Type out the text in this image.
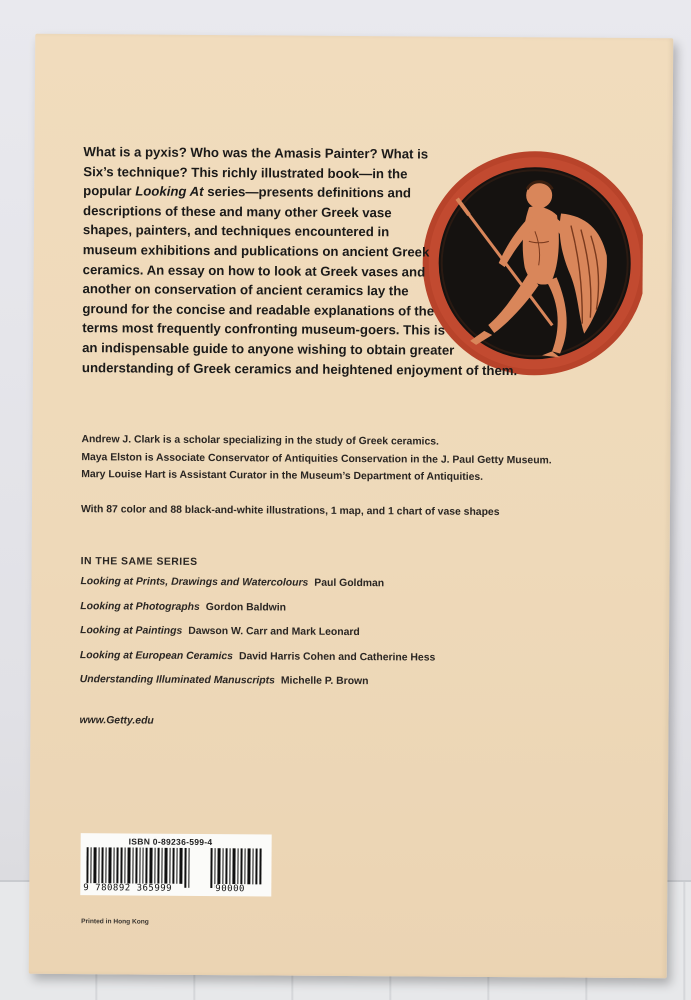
What is a pyxis? Who was the Amasis Painter? What is Six’s technique? This richly illustrated book—in the popular Looking At series—presents definitions and descriptions of these and many other Greek vase shapes, painters, and techniques encountered in museum exhibitions and publications on ancient Greek ceramics. An essay on how to look at Greek vases and another on conservation of ancient ceramics lay the ground for the concise and readable explanations of the terms most frequently confronting museum-goers. This is an indispensable guide to anyone wishing to obtain greater understanding of Greek ceramics and heightened enjoyment of them.
Andrew J. Clark is a scholar specializing in the study of Greek ceramics.
Maya Elston is Associate Conservator of Antiquities Conservation in the J. Paul Getty Museum.
Mary Louise Hart is Assistant Curator in the Museum’s Department of Antiquities.
With 87 color and 88 black-and-white illustrations, 1 map, and 1 chart of vase shapes
IN THE SAME SERIES
Looking at Prints, Drawings and Watercolours Paul Goldman
Looking at Photographs Gordon Baldwin
Looking at Paintings Dawson W. Carr and Mark Leonard
Looking at European Ceramics David Harris Cohen and Catherine Hess
Understanding Illuminated Manuscripts Michelle P. Brown
www.Getty.edu
ISBN 0-89236-599-4
9 780892 365999	90000
Printed in Hong Kong
